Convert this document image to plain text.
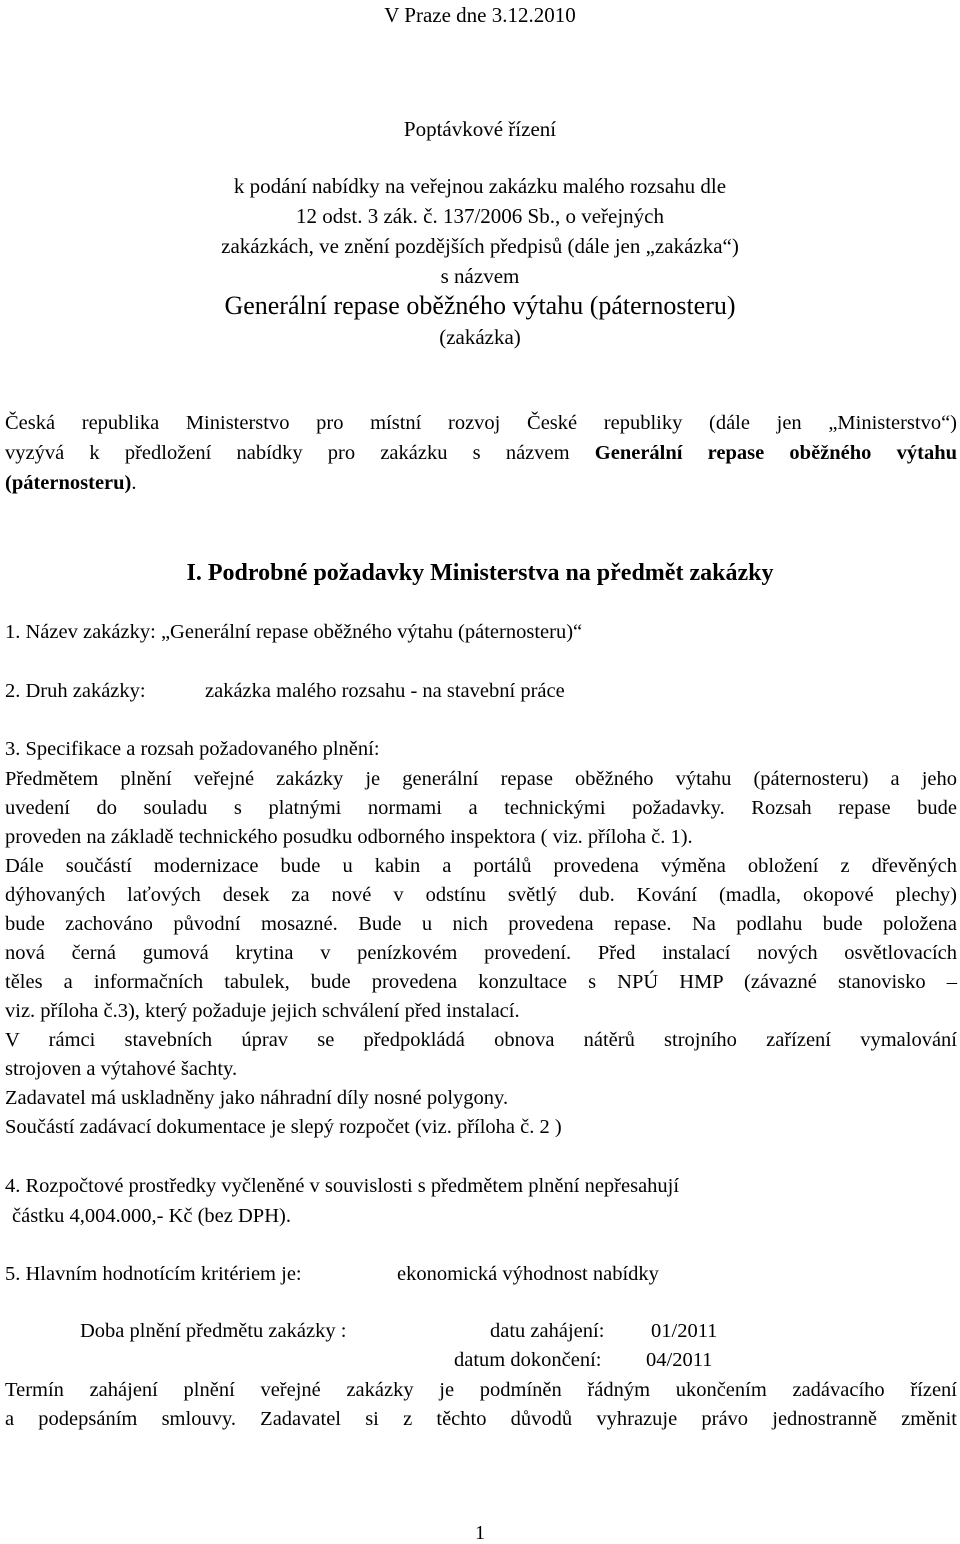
V Praze dne 3.12.2010
Poptávkové řízení
k podání nabídky na veřejnou zakázku malého rozsahu dle
12 odst. 3 zák. č. 137/2006 Sb., o veřejných
zakázkách, ve znění pozdějších předpisů (dále jen „zakázka“)
s názvem
Generální repase oběžného výtahu (páternosteru)
(zakázka)
Česká republika Ministerstvo pro místní rozvoj České republiky (dále jen „Ministerstvo“)
vyzývá k předložení nabídky pro zakázku s názvem Generální repase oběžného výtahu
(páternosteru).
I. Podrobné požadavky Ministerstva na předmět zakázky
1. Název zakázky: „Generální repase oběžného výtahu (páternosteru)“
2. Druh zakázky:	zakázka malého rozsahu - na stavební práce
3. Specifikace a rozsah požadovaného plnění:
Předmětem plnění veřejné zakázky je generální repase oběžného výtahu (páternosteru) a jeho
uvedení do souladu s platnými normami a technickými požadavky. Rozsah repase bude
proveden na základě technického posudku odborného inspektora ( viz. příloha č. 1).
Dále součástí modernizace bude u kabin a portálů provedena výměna obložení z dřevěných
dýhovaných laťových desek za nové v odstínu světlý dub. Kování (madla, okopové plechy)
bude zachováno původní mosazné. Bude u nich provedena repase. Na podlahu bude položena
nová černá gumová krytina v penízkovém provedení. Před instalací nových osvětlovacích
těles a informačních tabulek, bude provedena konzultace s NPÚ HMP (závazné stanovisko –
viz. příloha č.3), který požaduje jejich schválení před instalací.
V rámci stavebních úprav se předpokládá obnova nátěrů strojního zařízení vymalování
strojoven a výtahové šachty.
Zadavatel má uskladněny jako náhradní díly nosné polygony.
Součástí zadávací dokumentace je slepý rozpočet (viz. příloha č. 2 )
4. Rozpočtové prostředky vyčleněné v souvislosti s předmětem plnění nepřesahují
částku 4,004.000,- Kč (bez DPH).
5. Hlavním hodnotícím kritériem je:	ekonomická výhodnost nabídky
Doba plnění předmětu zakázky :	datu zahájení: 01/2011
datum dokončení: 04/2011
Termín zahájení plnění veřejné zakázky je podmíněn řádným ukončením zadávacího řízení
a podepsáním smlouvy. Zadavatel si z těchto důvodů vyhrazuje právo jednostranně změnit
1
